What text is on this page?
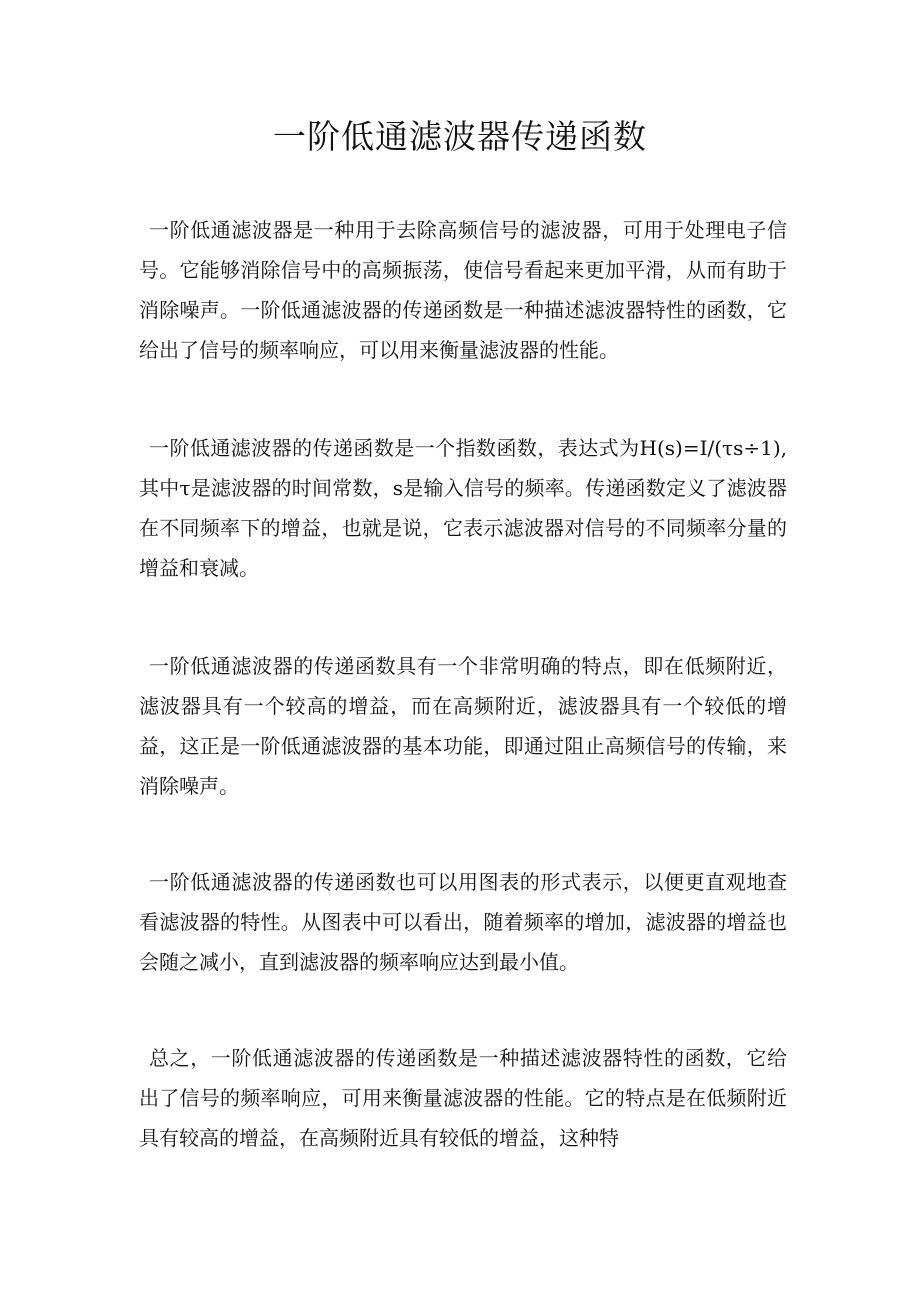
一阶低通滤波器传递函数

一阶低通滤波器是一种用于去除高频信号的滤波器，可用于处理电子信号。它能够消除信号中的高频振荡，使信号看起来更加平滑，从而有助于消除噪声。一阶低通滤波器的传递函数是一种描述滤波器特性的函数，它给出了信号的频率响应，可以用来衡量滤波器的性能。

一阶低通滤波器的传递函数是一个指数函数，表达式为H(s)=I/(τs÷1),其中τ是滤波器的时间常数，s是输入信号的频率。传递函数定义了滤波器在不同频率下的增益，也就是说，它表示滤波器对信号的不同频率分量的增益和衰减。

一阶低通滤波器的传递函数具有一个非常明确的特点，即在低频附近，滤波器具有一个较高的增益，而在高频附近，滤波器具有一个较低的增益，这正是一阶低通滤波器的基本功能，即通过阻止高频信号的传输，来消除噪声。

一阶低通滤波器的传递函数也可以用图表的形式表示，以便更直观地查看滤波器的特性。从图表中可以看出，随着频率的增加，滤波器的增益也会随之减小，直到滤波器的频率响应达到最小值。

总之，一阶低通滤波器的传递函数是一种描述滤波器特性的函数，它给出了信号的频率响应，可用来衡量滤波器的性能。它的特点是在低频附近具有较高的增益，在高频附近具有较低的增益，这种特
